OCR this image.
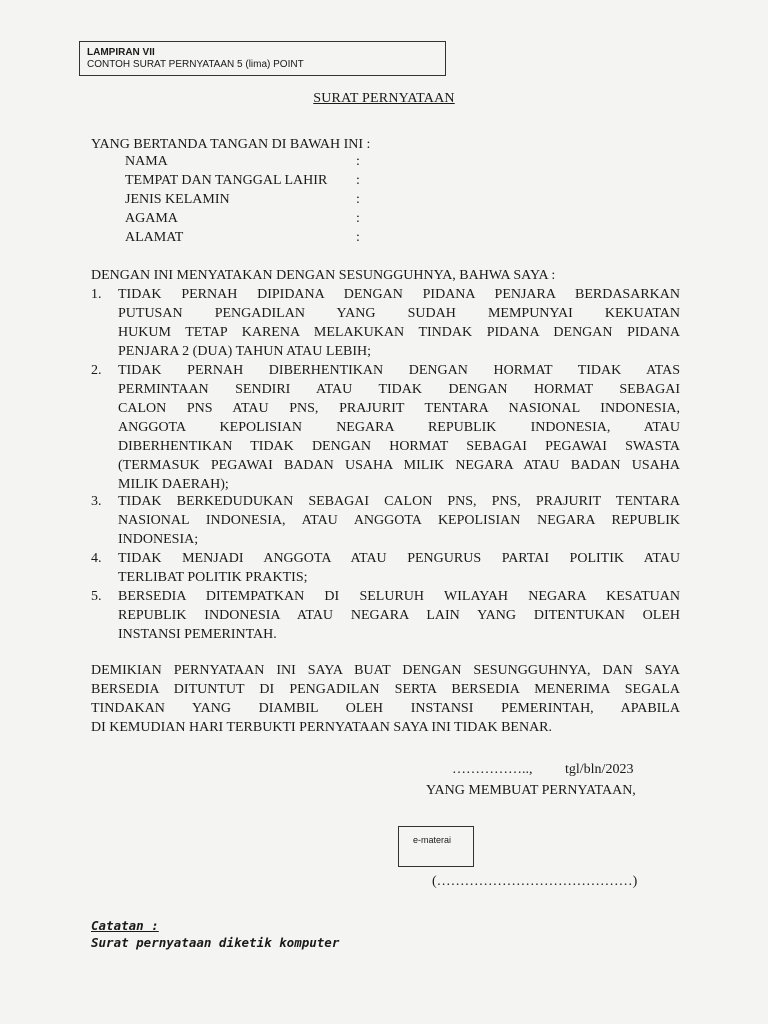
LAMPIRAN VII
CONTOH SURAT PERNYATAAN 5 (lima) POINT
SURAT PERNYATAAN
YANG BERTANDA TANGAN DI BAWAH INI :
NAMA	:
TEMPAT DAN TANGGAL LAHIR :
JENIS KELAMIN	:
AGAMA	:
ALAMAT	:
DENGAN INI MENYATAKAN DENGAN SESUNGGUHNYA, BAHWA SAYA :
1. TIDAK PERNAH DIPIDANA DENGAN PIDANA PENJARA BERDASARKAN
PUTUSAN PENGADILAN YANG SUDAH MEMPUNYAI KEKUATAN
HUKUM TETAP KARENA MELAKUKAN TINDAK PIDANA DENGAN PIDANA
PENJARA 2 (DUA) TAHUN ATAU LEBIH;
2. TIDAK PERNAH DIBERHENTIKAN DENGAN HORMAT TIDAK ATAS
PERMINTAAN SENDIRI ATAU TIDAK DENGAN HORMAT SEBAGAI
CALON PNS ATAU PNS, PRAJURIT TENTARA NASIONAL INDONESIA,
ANGGOTA KEPOLISIAN NEGARA REPUBLIK INDONESIA, ATAU
DIBERHENTIKAN TIDAK DENGAN HORMAT SEBAGAI PEGAWAI SWASTA
(TERMASUK PEGAWAI BADAN USAHA MILIK NEGARA ATAU BADAN USAHA
MILIK DAERAH);
3. TIDAK BERKEDUDUKAN SEBAGAI CALON PNS, PNS, PRAJURIT TENTARA
NASIONAL INDONESIA, ATAU ANGGOTA KEPOLISIAN NEGARA REPUBLIK
INDONESIA;
4. TIDAK MENJADI ANGGOTA ATAU PENGURUS PARTAI POLITIK ATAU
TERLIBAT POLITIK PRAKTIS;
5. BERSEDIA DITEMPATKAN DI SELURUH WILAYAH NEGARA KESATUAN
REPUBLIK INDONESIA ATAU NEGARA LAIN YANG DITENTUKAN OLEH
INSTANSI PEMERINTAH.
DEMIKIAN PERNYATAAN INI SAYA BUAT DENGAN SESUNGGUHNYA, DAN SAYA
BERSEDIA DITUNTUT DI PENGADILAN SERTA BERSEDIA MENERIMA SEGALA
TINDAKAN YANG DIAMBIL OLEH INSTANSI PEMERINTAH, APABILA
DI KEMUDIAN HARI TERBUKTI PERNYATAAN SAYA INI TIDAK BENAR.
…………….., tgl/bln/2023
YANG MEMBUAT PERNYATAAN,
e-materai
(……………………………………)
Catatan :
Surat pernyataan diketik komputer
